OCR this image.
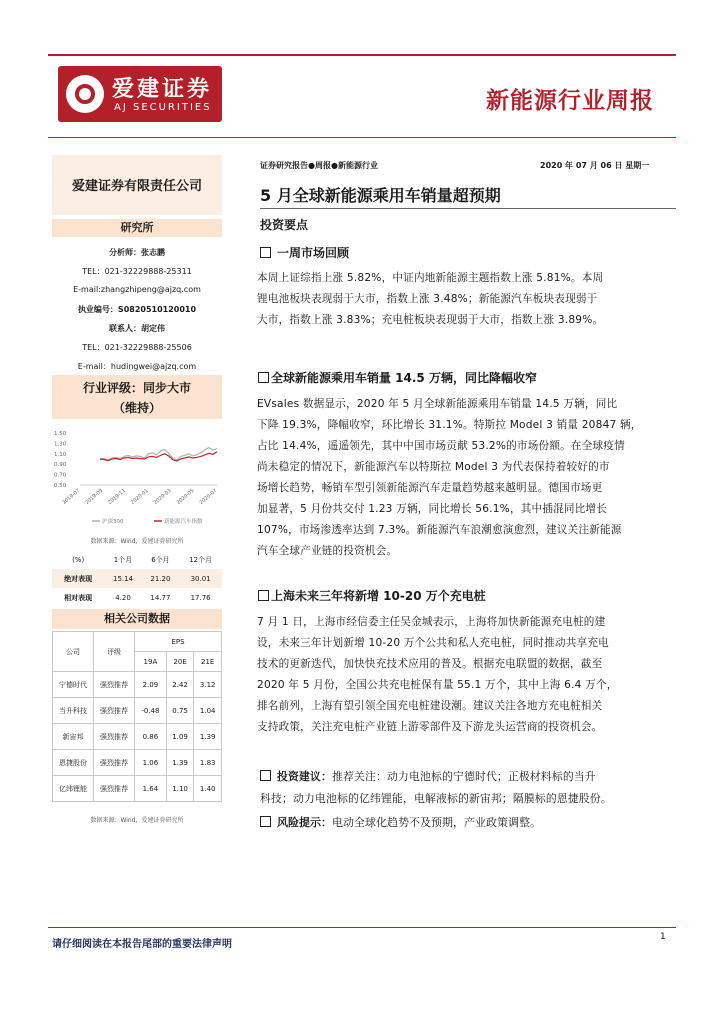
爱建证券
AJ SECURITIES	新能源行业周报
爱建证券有限责任公司
研究所
分析师：张志鹏
TEL：021-32229888-25311
E-mail:zhangzhipeng@ajzq.com
执业编号：S0820510120010
联系人：胡定伟
TEL：021-32229888-25506
E-mail：hudingwei@ajzq.com
行业评级：同步大市
（维持）
1.50
1.30
1.10
0.90
0.70
0.50
2019-07 2019-09 2019-11 2020-01 2020-03 2020-05 2020-07
沪深300	新能源汽车指数
数据来源：Wind，爱建证券研究所
(%)	1个月	6个月	12个月
绝对表现	15.14	21.20	30.01
相对表现	4.20	14.77	17.76
相关公司数据
公司	评级	EPS		
		19A	20E	21E
宁德时代	强烈推荐	2.09	2.42	3.12
当升科技	强烈推荐	-0.48	0.75	1.04
新宙邦	强烈推荐	0.86	1.09	1.39
恩捷股份	强烈推荐	1.06	1.39	1.83
亿纬锂能	强烈推荐	1.64	1.10	1.40
数据来源：Wind，爱建证券研究所
证券研究报告●周报●新能源行业	2020 年 07 月 06 日 星期一
5 月全球新能源乘用车销量超预期
投资要点
一周市场回顾
本周上证综指上涨 5.82%，中证内地新能源主题指数上涨 5.81%。本周
锂电池板块表现弱于大市，指数上涨 3.48%；新能源汽车板块表现弱于
大市，指数上涨 3.83%；充电桩板块表现弱于大市，指数上涨 3.89%。
全球新能源乘用车销量 14.5 万辆，同比降幅收窄
EVsales 数据显示，2020 年 5 月全球新能源乘用车销量 14.5 万辆，同比
下降 19.3%，降幅收窄，环比增长 31.1%。特斯拉 Model 3 销量 20847 辆，
占比 14.4%，遥遥领先，其中中国市场贡献 53.2%的市场份额。在全球疫情
尚未稳定的情况下，新能源汽车以特斯拉 Model 3 为代表保持着较好的市
场增长趋势，畅销车型引领新能源汽车走量趋势越来越明显。德国市场更
加显著，5 月份共交付 1.23 万辆，同比增长 56.1%，其中插混同比增长
107%，市场渗透率达到 7.3%。新能源汽车浪潮愈演愈烈，建议关注新能源
汽车全球产业链的投资机会。
上海未来三年将新增 10-20 万个充电桩
7 月 1 日，上海市经信委主任吴金城表示，上海将加快新能源充电桩的建
设，未来三年计划新增 10-20 万个公共和私人充电桩，同时推动共享充电
技术的更新迭代，加快快充技术应用的普及。根据充电联盟的数据，截至
2020 年 5 月份，全国公共充电桩保有量 55.1 万个，其中上海 6.4 万个，
排名前列，上海有望引领全国充电桩建设潮。建议关注各地方充电桩相关
支持政策，关注充电桩产业链上游零部件及下游龙头运营商的投资机会。
投资建议：推荐关注：动力电池标的宁德时代；正极材料标的当升
科技；动力电池标的亿纬锂能，电解液标的新宙邦；隔膜标的恩捷股份。
风险提示：电动全球化趋势不及预期，产业政策调整。
请仔细阅读在本报告尾部的重要法律声明
1
